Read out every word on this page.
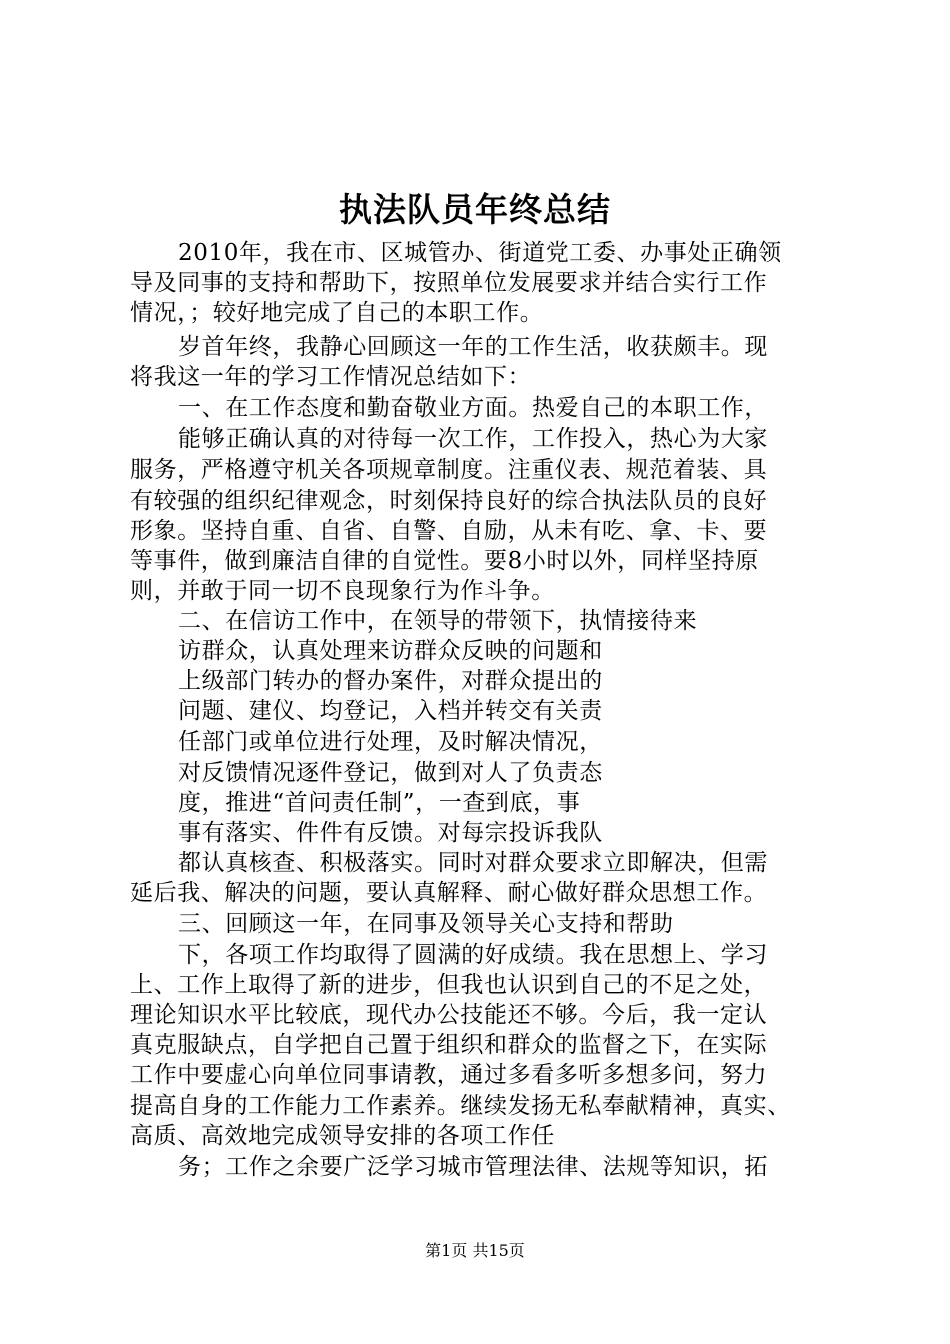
执法队员年终总结
2010年，我在市、区城管办、街道党工委、办事处正确领
导及同事的支持和帮助下，按照单位发展要求并结合实行工作
情况，；较好地完成了自己的本职工作。
岁首年终，我静心回顾这一年的工作生活，收获颇丰。现
将我这一年的学习工作情况总结如下：
一、在工作态度和勤奋敬业方面。热爱自己的本职工作，
能够正确认真的对待每一次工作，工作投入，热心为大家
服务，严格遵守机关各项规章制度。注重仪表、规范着装、具
有较强的组织纪律观念，时刻保持良好的综合执法队员的良好
形象。坚持自重、自省、自警、自励，从未有吃、拿、卡、要
等事件，做到廉洁自律的自觉性。要8小时以外，同样坚持原
则，并敢于同一切不良现象行为作斗争。
二、在信访工作中，在领导的带领下，执情接待来
访群众，认真处理来访群众反映的问题和
上级部门转办的督办案件，对群众提出的
问题、建仪、均登记，入档并转交有关责
任部门或单位进行处理，及时解决情况，
对反馈情况逐件登记，做到对人了负责态
度，推进“首问责任制”，一查到底，事
事有落实、件件有反馈。对每宗投诉我队
都认真核查、积极落实。同时对群众要求立即解决，但需
延后我、解决的问题，要认真解释、耐心做好群众思想工作。
三、回顾这一年，在同事及领导关心支持和帮助
下，各项工作均取得了圆满的好成绩。我在思想上、学习
上、工作上取得了新的进步，但我也认识到自己的不足之处，
理论知识水平比较底，现代办公技能还不够。今后，我一定认
真克服缺点，自学把自己置于组织和群众的监督之下，在实际
工作中要虚心向单位同事请教，通过多看多听多想多问，努力
提高自身的工作能力工作素养。继续发扬无私奉献精神，真实、
高质、高效地完成领导安排的各项工作任
务；工作之余要广泛学习城市管理法律、法规等知识，拓
第1页 共15页
